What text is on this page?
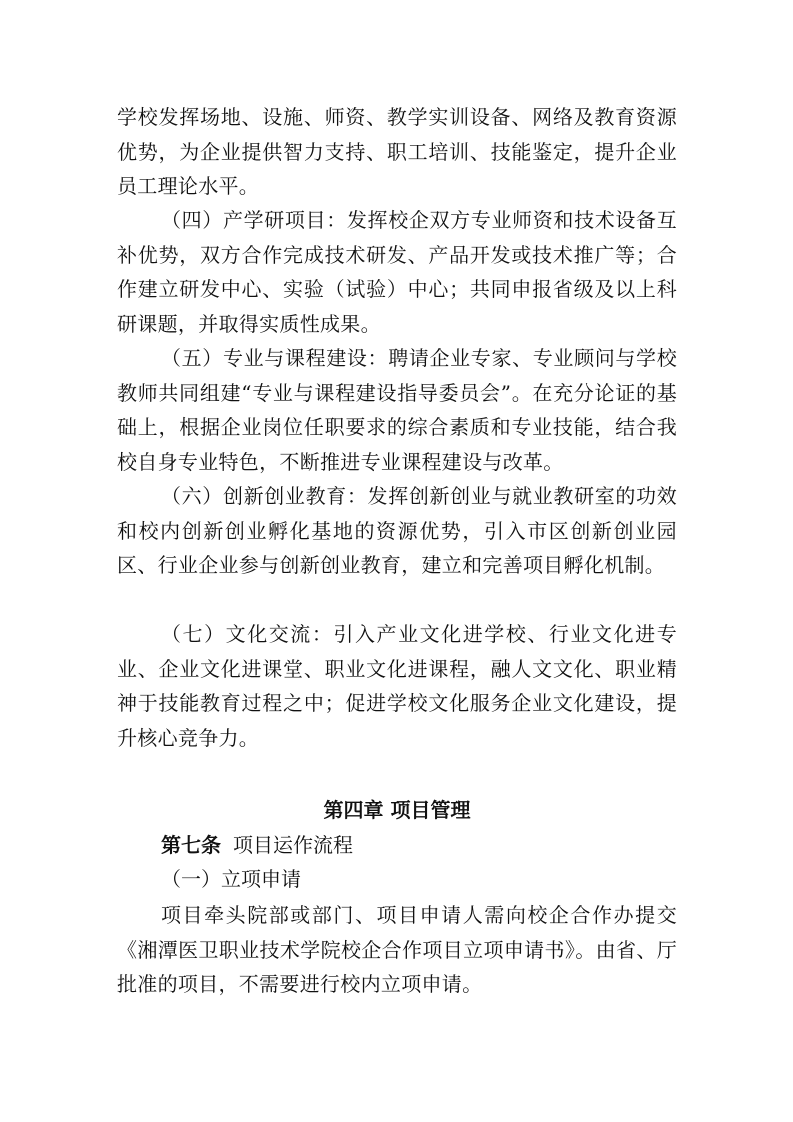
学校发挥场地、设施、师资、教学实训设备、网络及教育资源优势，为企业提供智力支持、职工培训、技能鉴定，提升企业员工理论水平。

（四）产学研项目：发挥校企双方专业师资和技术设备互补优势，双方合作完成技术研发、产品开发或技术推广等；合作建立研发中心、实验（试验）中心；共同申报省级及以上科研课题，并取得实质性成果。

（五）专业与课程建设：聘请企业专家、专业顾问与学校教师共同组建“专业与课程建设指导委员会”。在充分论证的基础上，根据企业岗位任职要求的综合素质和专业技能，结合我校自身专业特色，不断推进专业课程建设与改革。

（六）创新创业教育：发挥创新创业与就业教研室的功效和校内创新创业孵化基地的资源优势，引入市区创新创业园区、行业企业参与创新创业教育，建立和完善项目孵化机制。

（七）文化交流：引入产业文化进学校、行业文化进专业、企业文化进课堂、职业文化进课程，融人文文化、职业精神于技能教育过程之中；促进学校文化服务企业文化建设，提升核心竞争力。

第四章 项目管理

第七条 项目运作流程

（一）立项申请

项目牵头院部或部门、项目申请人需向校企合作办提交《湘潭医卫职业技术学院校企合作项目立项申请书》。由省、厅批准的项目，不需要进行校内立项申请。
